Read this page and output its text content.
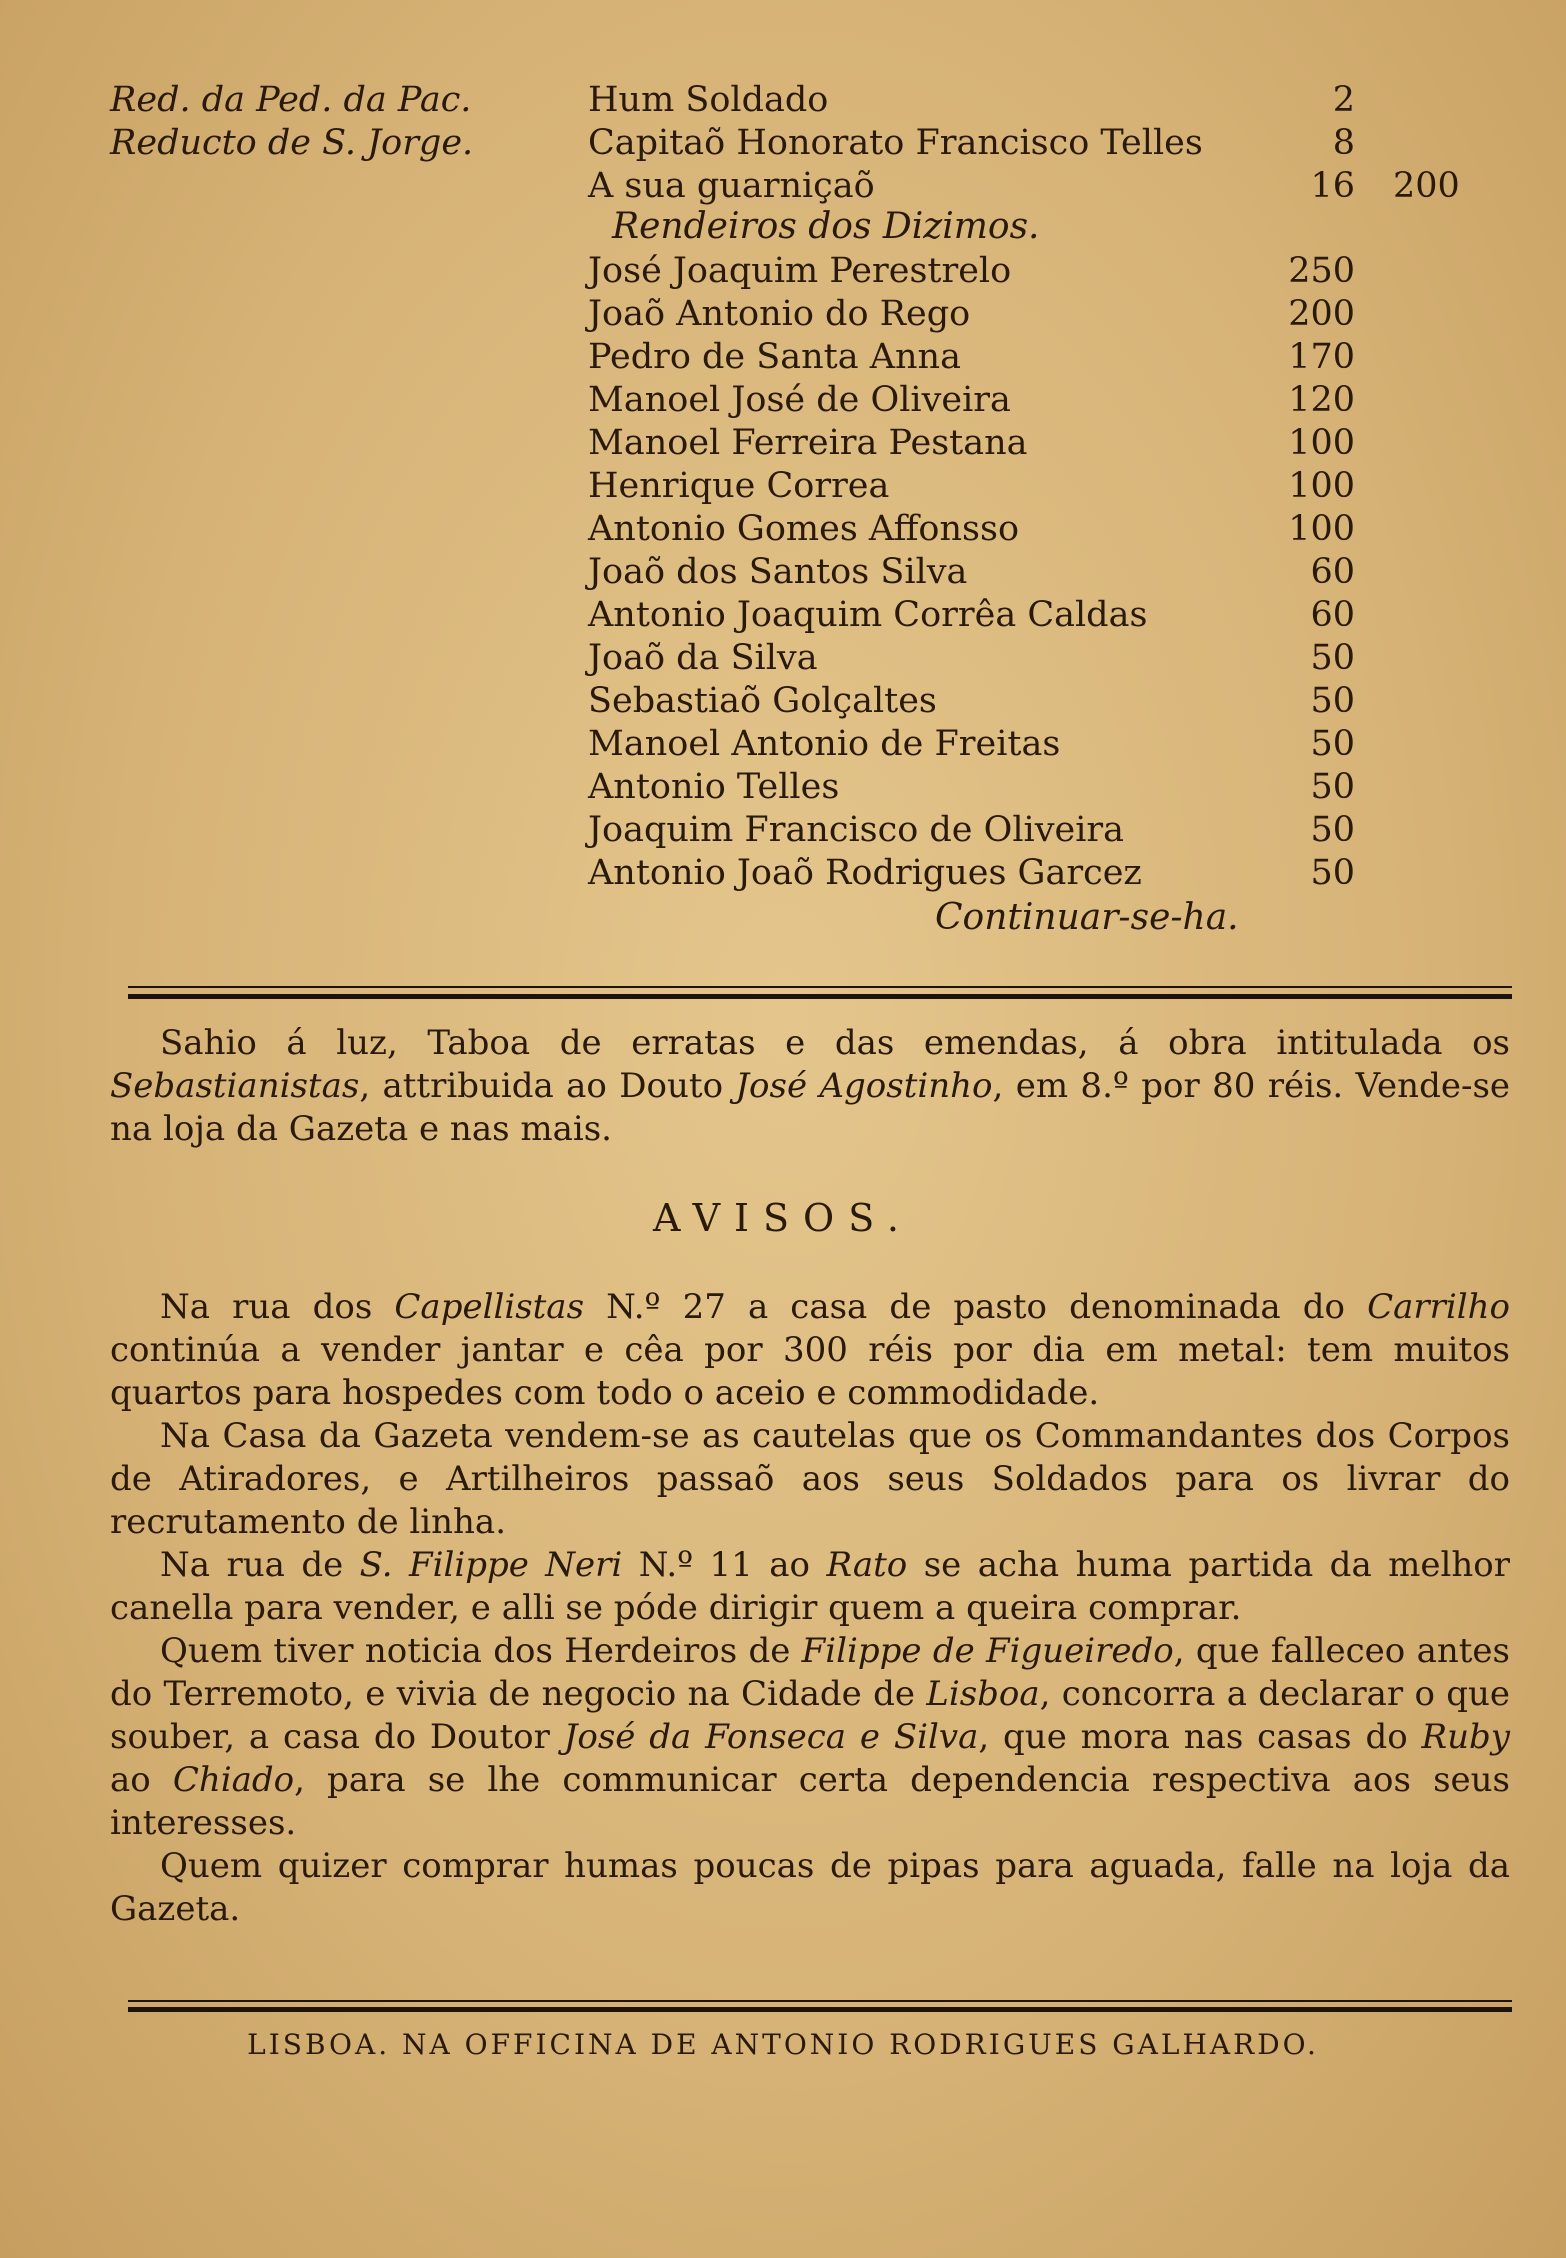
Red. da Ped. da Pac.	Hum Soldado	2
Reducto de S. Jorge.	Capitaõ Honorato Francisco Telles	8
A sua guarniçaõ	16 200
Rendeiros dos Dizimos.
José Joaquim Perestrelo	250
Joaõ Antonio do Rego	200
Pedro de Santa Anna	170
Manoel José de Oliveira	120
Manoel Ferreira Pestana	100
Henrique Correa	100
Antonio Gomes Affonsso	100
Joaõ dos Santos Silva	60
Antonio Joaquim Corrêa Caldas	60
Joaõ da Silva	50
Sebastiaõ Golçaltes	50
Manoel Antonio de Freitas	50
Antonio Telles	50
Joaquim Francisco de Oliveira	50
Antonio Joaõ Rodrigues Garcez	50
Continuar-se-ha.

Sahio á luz, Taboa de erratas e das emendas, á obra intitulada os Sebastianistas, attribuida ao Douto José Agostinho, em 8.º por 80 réis. Vende-se na loja da Gazeta e nas mais.

AVISOS.

Na rua dos Capellistas N.º 27 a casa de pasto denominada do Carrilho continúa a vender jantar e cêa por 300 réis por dia em metal: tem muitos quartos para hospedes com todo o aceio e commodidade.

Na Casa da Gazeta vendem-se as cautelas que os Commandantes dos Corpos de Atiradores, e Artilheiros passaõ aos seus Soldados para os livrar do recrutamento de linha.

Na rua de S. Filippe Neri N.º 11 ao Rato se acha huma partida da melhor canella para vender, e alli se póde dirigir quem a queira comprar.

Quem tiver noticia dos Herdeiros de Filippe de Figueiredo, que falleceo antes do Terremoto, e vivia de negocio na Cidade de Lisboa, concorra a declarar o que souber, a casa do Doutor José da Fonseca e Silva, que mora nas casas do Ruby ao Chiado, para se lhe communicar certa dependencia respectiva aos seus interesses.

Quem quizer comprar humas poucas de pipas para aguada, falle na loja da Gazeta.

LISBOA. NA OFFICINA DE ANTONIO RODRIGUES GALHARDO.
